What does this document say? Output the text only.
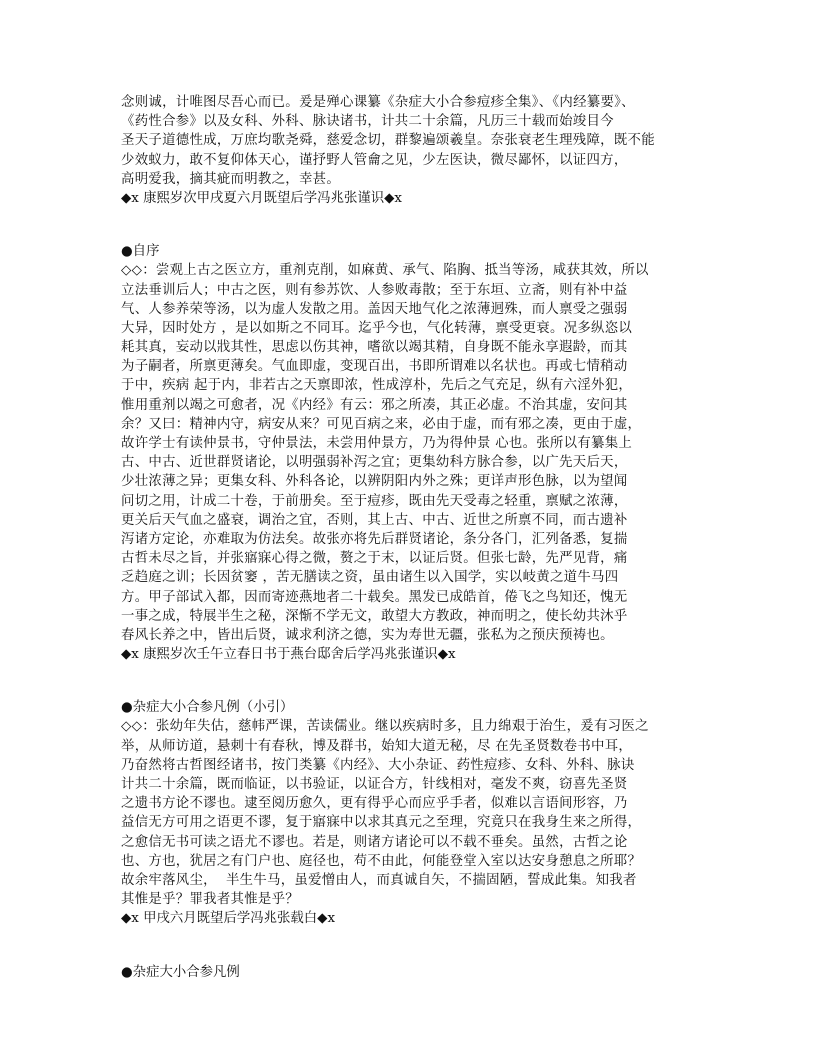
念则诚，计唯图尽吾心而已。爰是殚心课纂《杂症大小合参痘疹全集》、《内经纂要》、
《药性合参》以及女科、外科、脉诀诸书，计共二十余篇，凡历三十载而始竣目今
圣天子道德性成，万庶均歌尧舜，慈爱念切，群黎遍颂羲皇。奈张衰老生理残障，既不能
少效蚁力，敢不复仰体天心，谨抒野人管龠之见，少左医诀，微尽鄙怀，以证四方，
高明爱我，摘其疵而明教之，幸甚。
◆x 康熙岁次甲戌夏六月既望后学冯兆张谨识◆x
●自序
◇◇：尝观上古之医立方，重剂克削，如麻黄、承气、陷胸、抵当等汤，咸获其效，所以
立法垂训后人；中古之医，则有参苏饮、人参败毒散；至于东垣、立斋，则有补中益
气、人参养荣等汤，以为虚人发散之用。盖因天地气化之浓薄迥殊，而人禀受之强弱
大异，因时处方 ，是以如斯之不同耳。迄乎今也，气化转薄，禀受更衰。况多纵恣以
耗其真，妄动以戕其性，思虑以伤其神，嗜欲以竭其精，自身既不能永享遐龄，而其
为子嗣者，所禀更薄矣。气血即虚，变现百出，书即所谓难以名状也。再或七情稍动
于中，疾病 起于内，非若古之天禀即浓，性成淳朴，先后之气充足，纵有六淫外犯，
惟用重剂以竭之可愈者，况《内经》有云：邪之所凑，其正必虚。不治其虚，安问其
余？又曰：精神内守，病安从来？可见百病之来，必由于虚，而有邪之凑，更由于虚，
故许学士有读仲景书，守仲景法，未尝用仲景方，乃为得仲景 心也。张所以有纂集上
古、中古、近世群贤诸论，以明强弱补泻之宜；更集幼科方脉合参，以广先天后天，
少壮浓薄之异；更集女科、外科各论，以辨阴阳内外之殊；更详声形色脉，以为望闻
问切之用，计成二十卷，于前册矣。至于痘疹，既由先天受毒之轻重，禀赋之浓薄，
更关后天气血之盛衰，调治之宜，否则，其上古、中古、近世之所禀不同，而古遗补
泻诸方定论，亦难取为仿法矣。故张亦将先后群贤诸论，条分各门，汇列备悉，复揣
古哲未尽之旨，并张寤寐心得之微，赘之于末，以证后贤。但张七龄，先严见背，痛
乏趋庭之训；长因贫窭 ，苦无膳读之资，虽由诸生以入国学，实以岐黄之道牛马四
方。甲子部试入都，因而寄迹燕地者二十载矣。黑发已成皓首，倦飞之鸟知还，愧无
一事之成，特展半生之秘，深惭不学无文，敢望大方教政，神而明之，使长幼共沐乎
春风长养之中，皆出后贤，诚求利济之德，实为寿世无疆，张私为之预庆预祷也。
◆x 康熙岁次壬午立春日书于燕台邸舍后学冯兆张谨识◆x
●杂症大小合参凡例（小引）
◇◇：张幼年失估，慈帏严课，苦读儒业。继以疾病时多，且力绵艰于治生，爰有习医之
举，从师访道，悬刺十有春秋，博及群书，始知大道无秘，尽 在先圣贤数卷书中耳，
乃奋然将古哲图经诸书，按门类纂《内经》、大小杂证、药性痘疹、女科、外科、脉诀
计共二十余篇，既而临证，以书验证，以证合方，针线相对，毫发不爽，窃喜先圣贤
之遗书方论不谬也。逮至阅历愈久，更有得乎心而应乎手者，似难以言语间形容，乃
益信无方可用之语更不谬，复于寤寐中以求其真元之至理，究竟只在我身生来之所得，
之愈信无书可读之语尤不谬也。若是，则诸方诸论可以不载不垂矣。虽然，古哲之论
也、方也，犹居之有门户也、庭径也，苟不由此，何能登堂入室以达安身憩息之所耶？
故余牢落风尘，  半生牛马，虽爱憎由人，而真诚自矢，不揣固陋，誓成此集。知我者
其惟是乎？罪我者其惟是乎？
◆x 甲戌六月既望后学冯兆张载白◆x
●杂症大小合参凡例
